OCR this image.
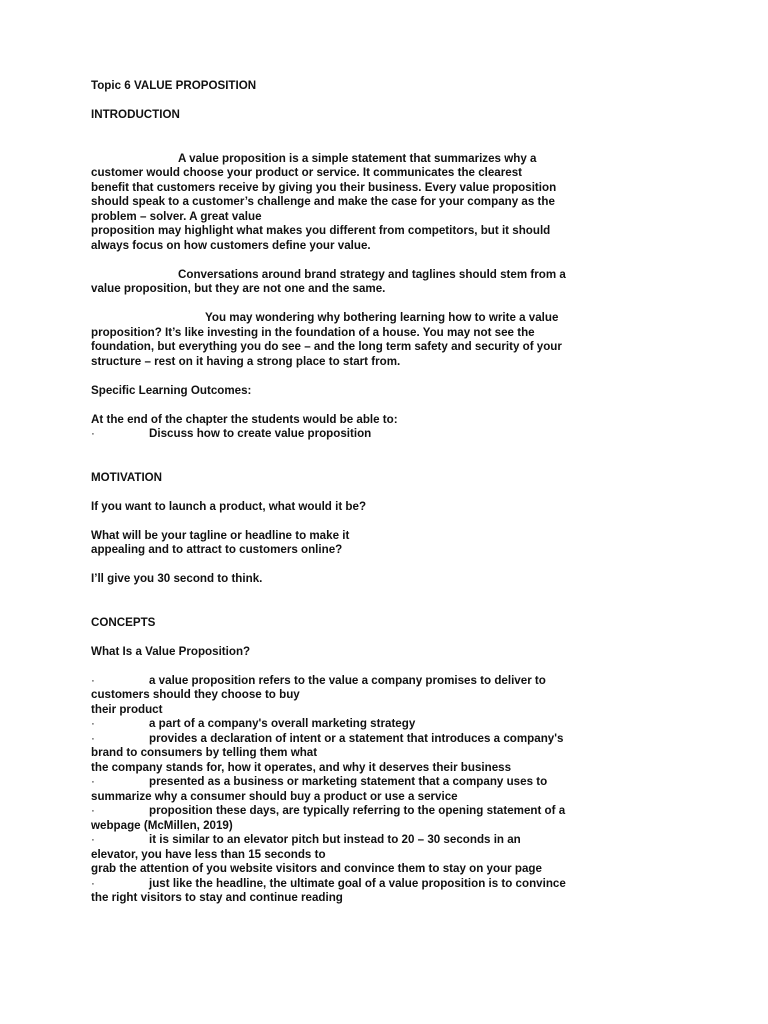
Topic 6 VALUE PROPOSITION

INTRODUCTION

A value proposition is a simple statement that summarizes why a
customer would choose your product or service. It communicates the clearest
benefit that customers receive by giving you their business. Every value proposition
should speak to a customer’s challenge and make the case for your company as the
problem – solver. A great value
proposition may highlight what makes you different from competitors, but it should
always focus on how customers define your value.

Conversations around brand strategy and taglines should stem from a
value proposition, but they are not one and the same.

You may wondering why bothering learning how to write a value
proposition? It’s like investing in the foundation of a house. You may not see the
foundation, but everything you do see – and the long term safety and security of your
structure – rest on it having a strong place to start from.

Specific Learning Outcomes:

At the end of the chapter the students would be able to:

·	Discuss how to create value proposition

MOTIVATION

If you want to launch a product, what would it be?

What will be your tagline or headline to make it
appealing and to attract to customers online?

I’ll give you 30 second to think.

CONCEPTS

What Is a Value Proposition?

·	a value proposition refers to the value a company promises to deliver to

customers should they choose to buy
their product

·	a part of a company's overall marketing strategy

·	provides a declaration of intent or a statement that introduces a company's

brand to consumers by telling them what
the company stands for, how it operates, and why it deserves their business

·	presented as a business or marketing statement that a company uses to

summarize why a consumer should buy a product or use a service

·	proposition these days, are typically referring to the opening statement of a

webpage (McMillen, 2019)

·	it is similar to an elevator pitch but instead to 20 – 30 seconds in an

elevator, you have less than 15 seconds to
grab the attention of you website visitors and convince them to stay on your page

·	just like the headline, the ultimate goal of a value proposition is to convince

the right visitors to stay and continue reading
